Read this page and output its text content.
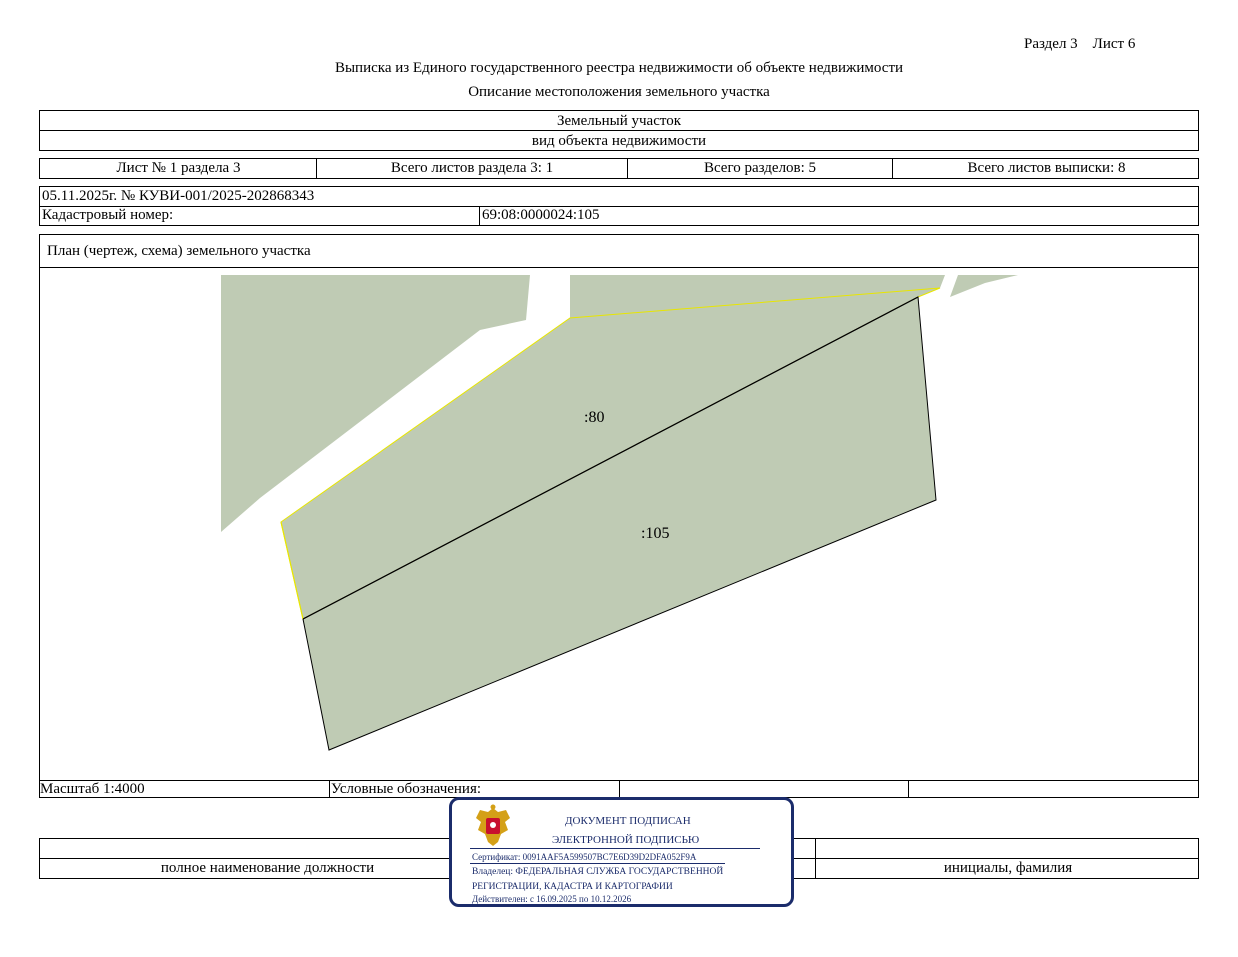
Раздел 3    Лист 6
Выписка из Единого государственного реестра недвижимости об объекте недвижимости
Описание местоположения земельного участка
Земельный участок
вид объекта недвижимости
Лист № 1 раздела 3	Всего листов раздела 3: 1	Всего разделов: 5	Всего листов выписки: 8
05.11.2025г. № КУВИ-001/2025-202868343
Кадастровый номер:	69:08:0000024:105
План (чертеж, схема) земельного участка
:80
:105
Масштаб 1:4000	Условные обозначения:
полное наименование должности	инициалы, фамилия
ДОКУМЕНТ ПОДПИСАН
ЭЛЕКТРОННОЙ ПОДПИСЬЮ
Сертификат: 0091AAF5A599507BC7E6D39D2DFA052F9A
Владелец: ФЕДЕРАЛЬНАЯ СЛУЖБА ГОСУДАРСТВЕННОЙ
РЕГИСТРАЦИИ, КАДАСТРА И КАРТОГРАФИИ
Действителен: с 16.09.2025 по 10.12.2026
